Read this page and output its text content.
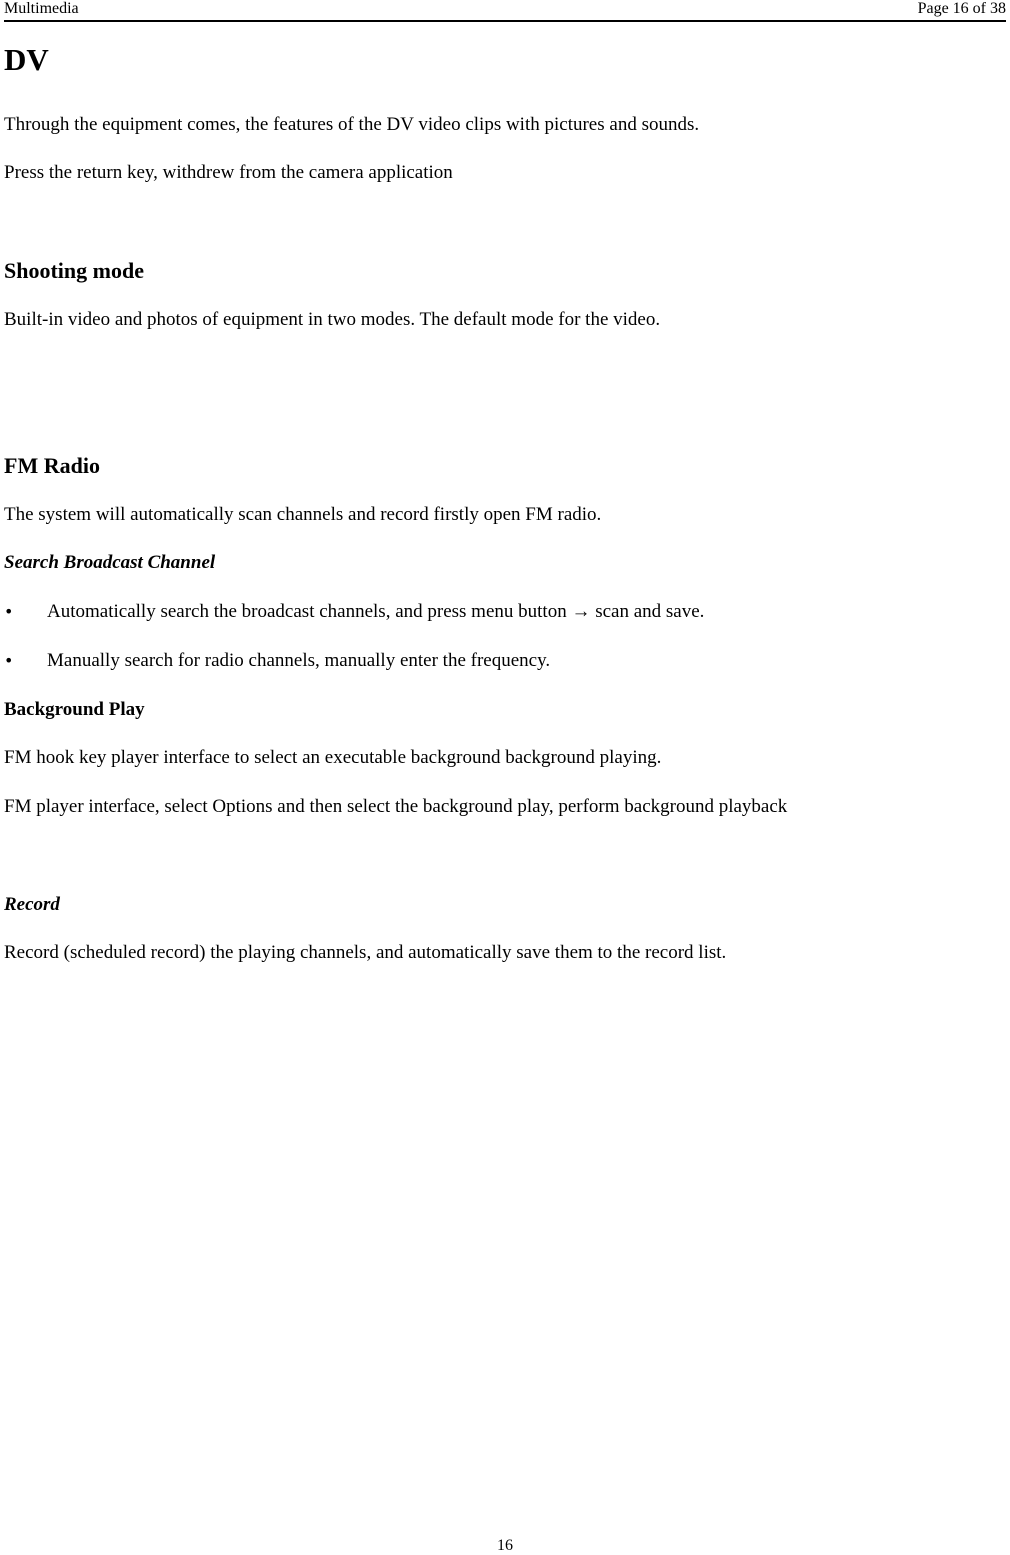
Multimedia	Page 16 of 38
DV
Through the equipment comes, the features of the DV video clips with pictures and sounds.
Press the return key, withdrew from the camera application
Shooting mode
Built-in video and photos of equipment in two modes. The default mode for the video.
FM Radio
The system will automatically scan channels and record firstly open FM radio.
Search Broadcast Channel
• Automatically search the broadcast channels, and press menu button → scan and save.
• Manually search for radio channels, manually enter the frequency.
Background Play
FM hook key player interface to select an executable background background playing.
FM player interface, select Options and then select the background play, perform background playback
Record
Record (scheduled record) the playing channels, and automatically save them to the record list.
16
